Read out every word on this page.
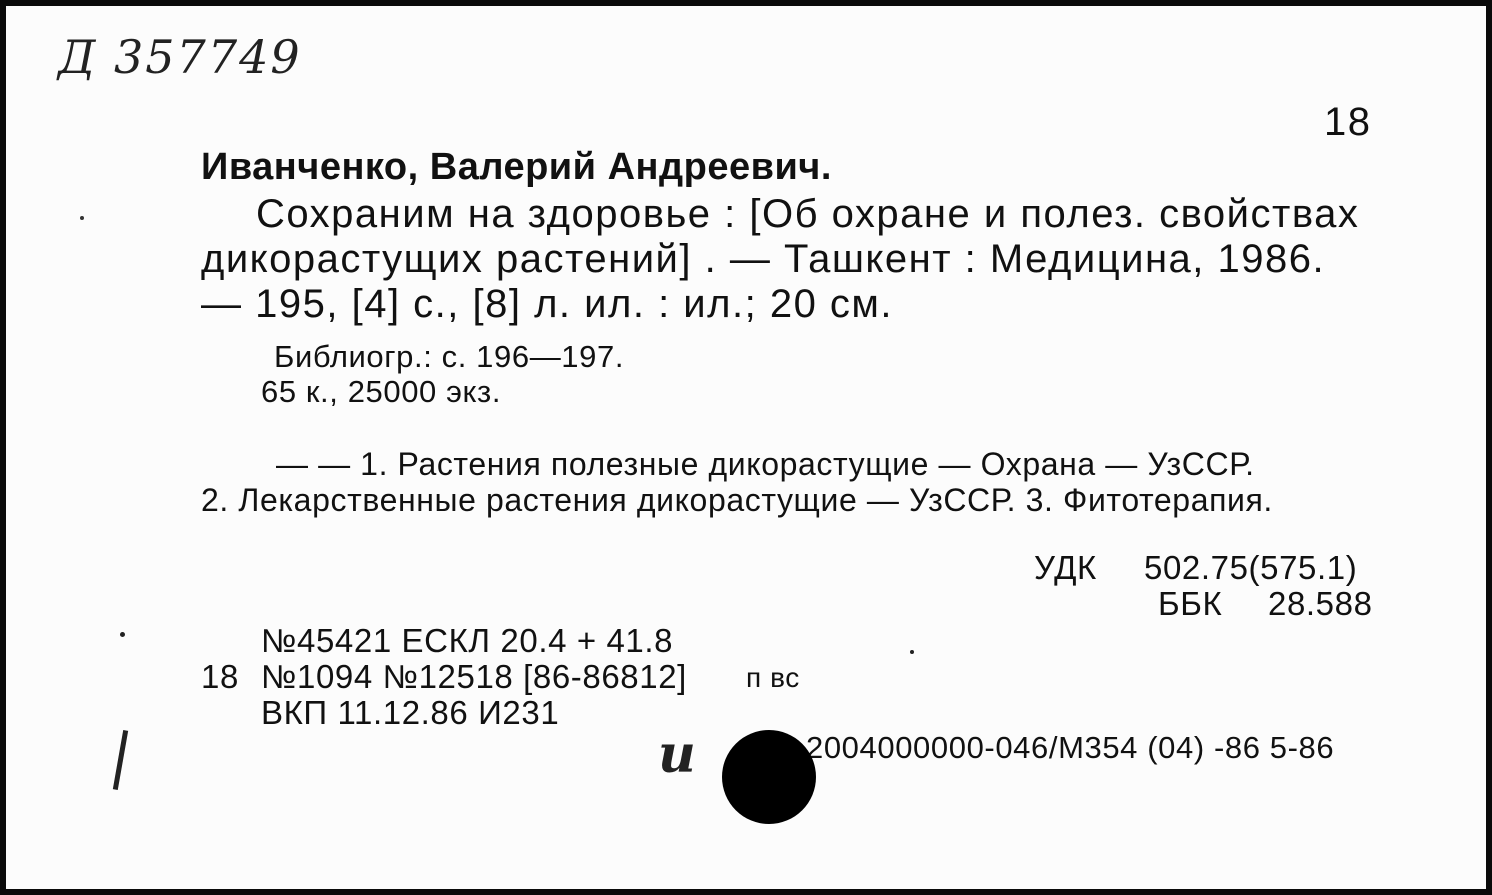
Д 357749
18
Иванченко, Валерий Андреевич.
Сохраним на здоровье : [Об охране и полез. свойствах
дикорастущих растений] . — Ташкент : Медицина, 1986.
— 195, [4] с., [8] л. ил. : ил.; 20 см.
Библиогр.: с. 196—197.
65 к., 25000 экз.
— — 1. Растения полезные дикорастущие — Охрана — УзССР.
2. Лекарственные растения дикорастущие — УзССР. 3. Фитотерапия.
УДК 502.75(575.1)
ББК 28.588
№45421 ЕСКЛ 20.4 + 41.8
18 №1094 №12518 [86-86812] п вс
ВКП 11.12.86 И231
2004000000-046/М354 (04) -86 5-86
и
